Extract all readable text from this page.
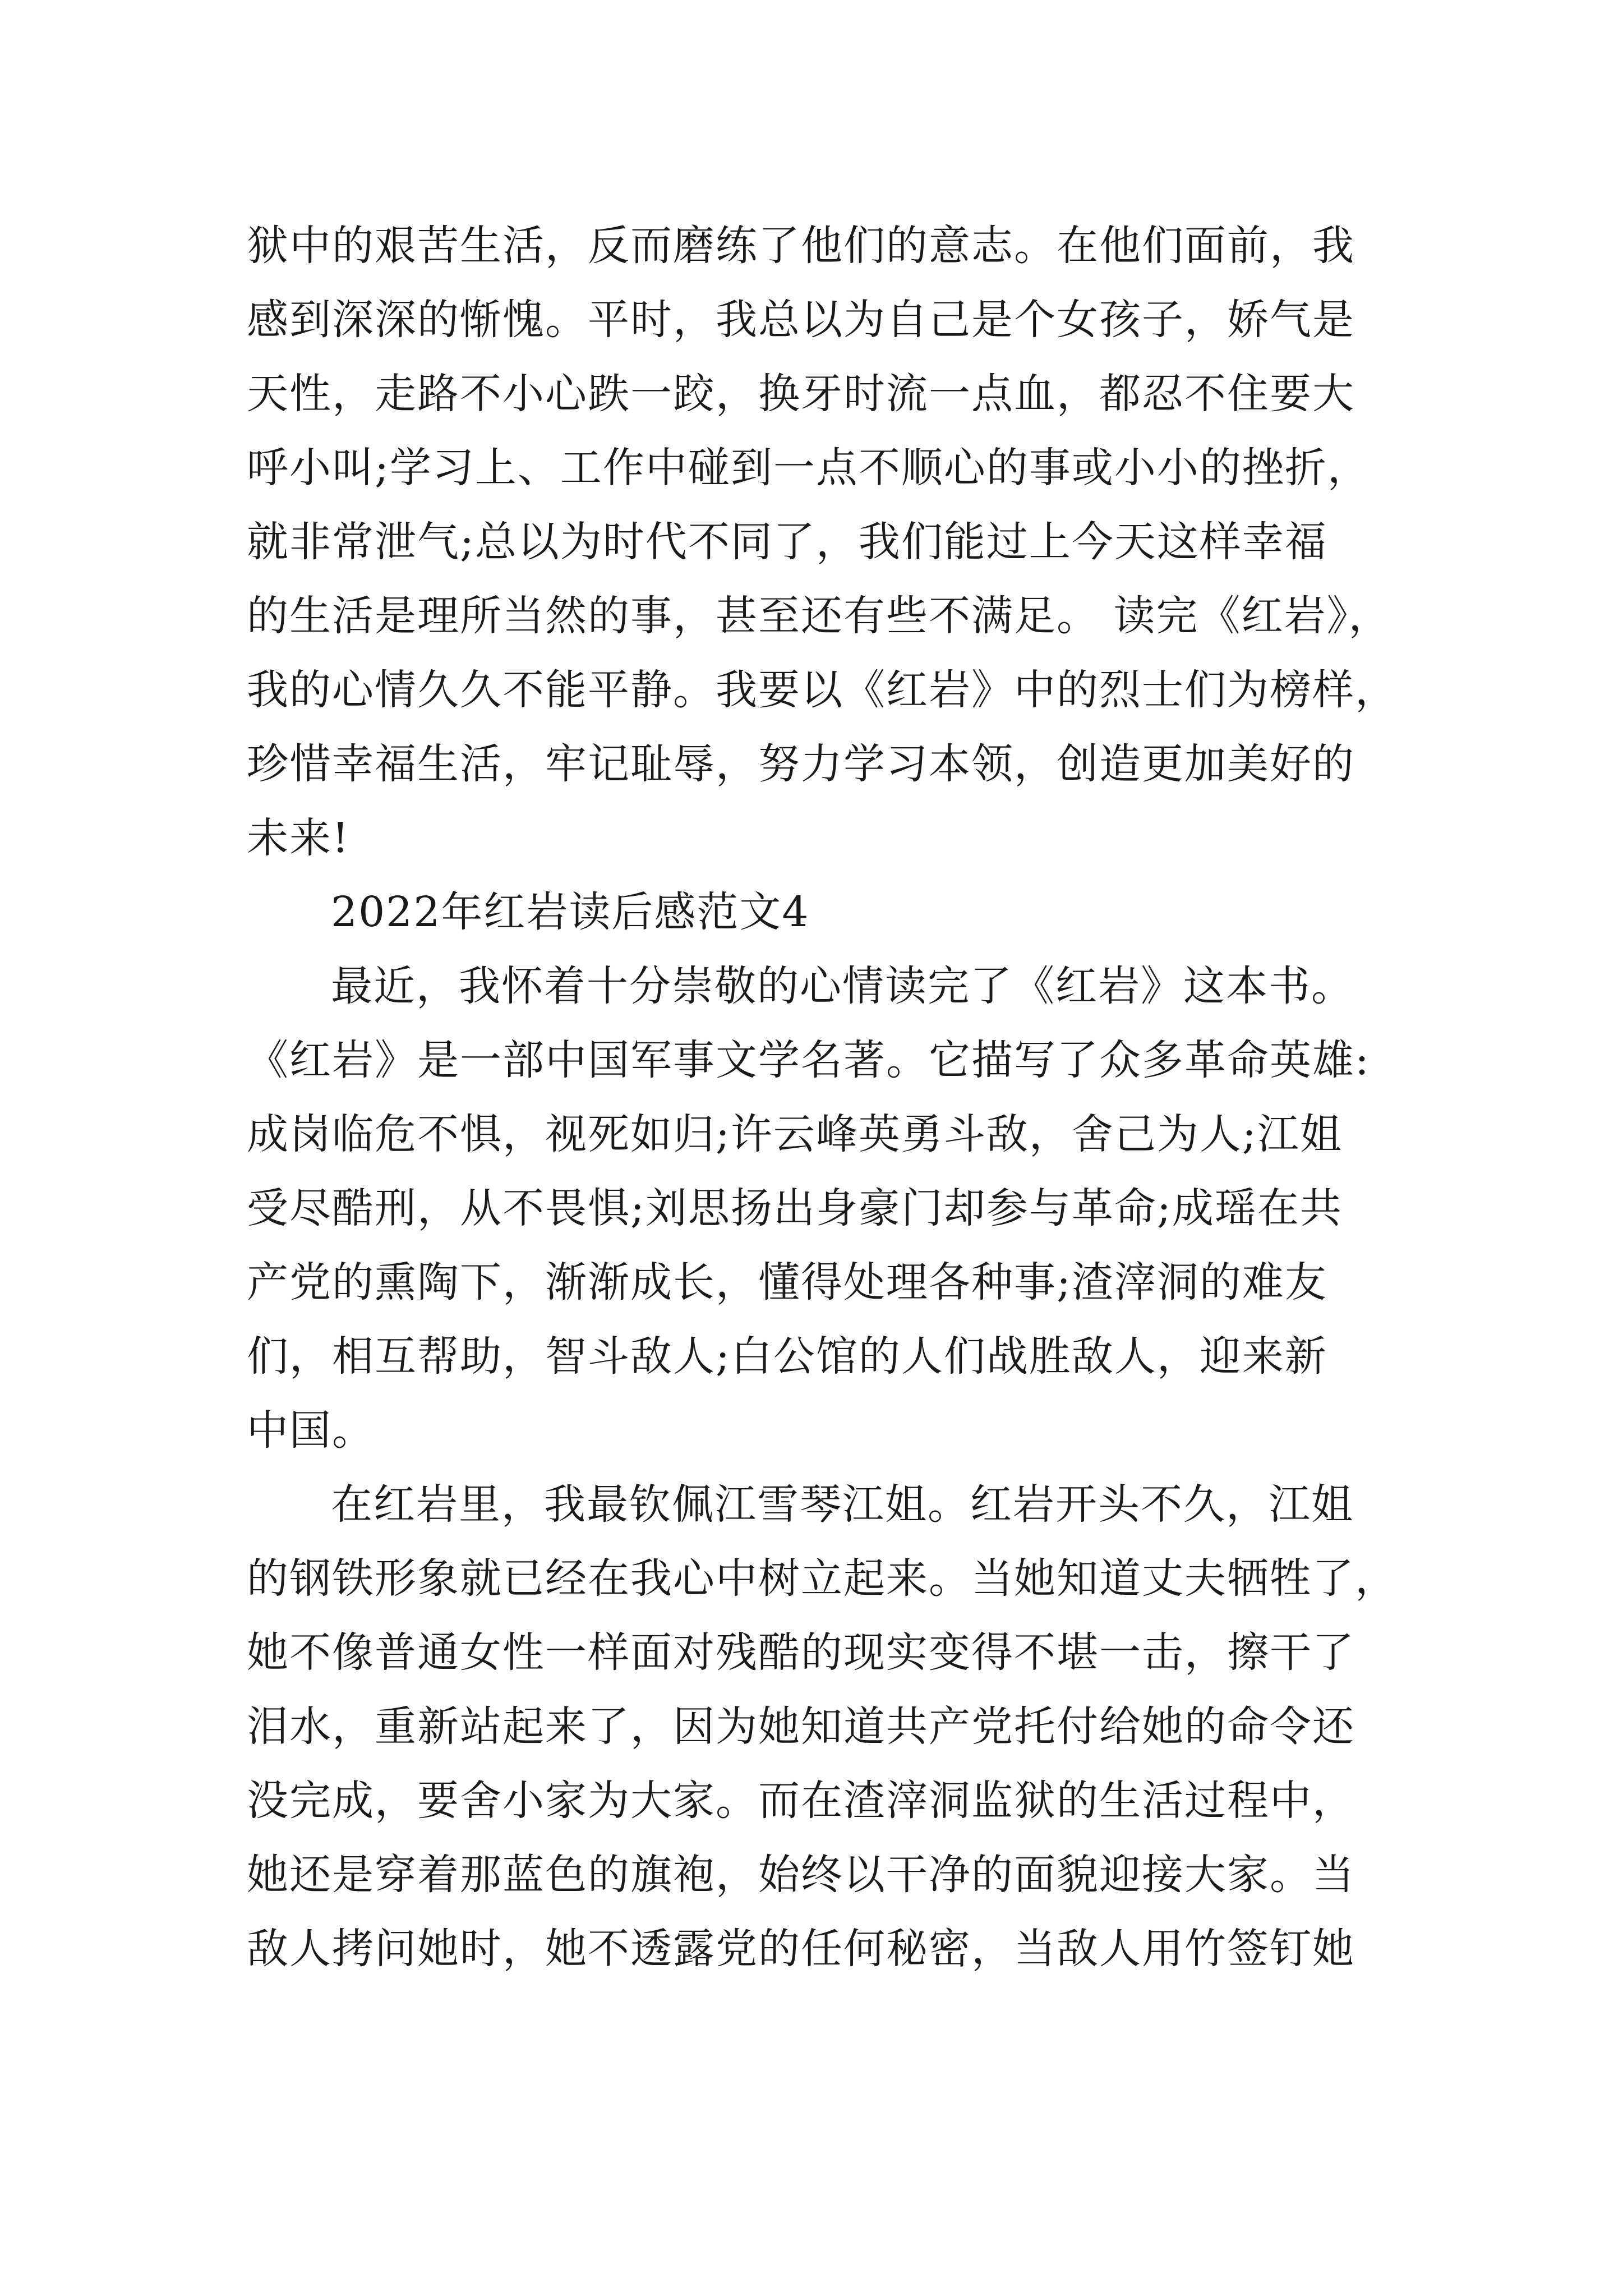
狱中的艰苦生活，反而磨练了他们的意志。在他们面前，我
感到深深的惭愧。平时，我总以为自己是个女孩子，娇气是
天性，走路不小心跌一跤，换牙时流一点血，都忍不住要大
呼小叫;学习上、工作中碰到一点不顺心的事或小小的挫折，
就非常泄气;总以为时代不同了，我们能过上今天这样幸福
的生活是理所当然的事，甚至还有些不满足。 读完《红岩》，
我的心情久久不能平静。我要以《红岩》中的烈士们为榜样，
珍惜幸福生活，牢记耻辱，努力学习本领，创造更加美好的
未来!
2022年红岩读后感范文4
最近，我怀着十分崇敬的心情读完了《红岩》这本书。
《红岩》是一部中国军事文学名著。它描写了众多革命英雄:
成岗临危不惧，视死如归;许云峰英勇斗敌，舍己为人;江姐
受尽酷刑，从不畏惧;刘思扬出身豪门却参与革命;成瑶在共
产党的熏陶下，渐渐成长，懂得处理各种事;渣滓洞的难友
们，相互帮助，智斗敌人;白公馆的人们战胜敌人，迎来新
中国。
在红岩里，我最钦佩江雪琴江姐。红岩开头不久，江姐
的钢铁形象就已经在我心中树立起来。当她知道丈夫牺牲了，
她不像普通女性一样面对残酷的现实变得不堪一击，擦干了
泪水，重新站起来了，因为她知道共产党托付给她的命令还
没完成，要舍小家为大家。而在渣滓洞监狱的生活过程中，
她还是穿着那蓝色的旗袍，始终以干净的面貌迎接大家。当
敌人拷问她时，她不透露党的任何秘密，当敌人用竹签钉她
